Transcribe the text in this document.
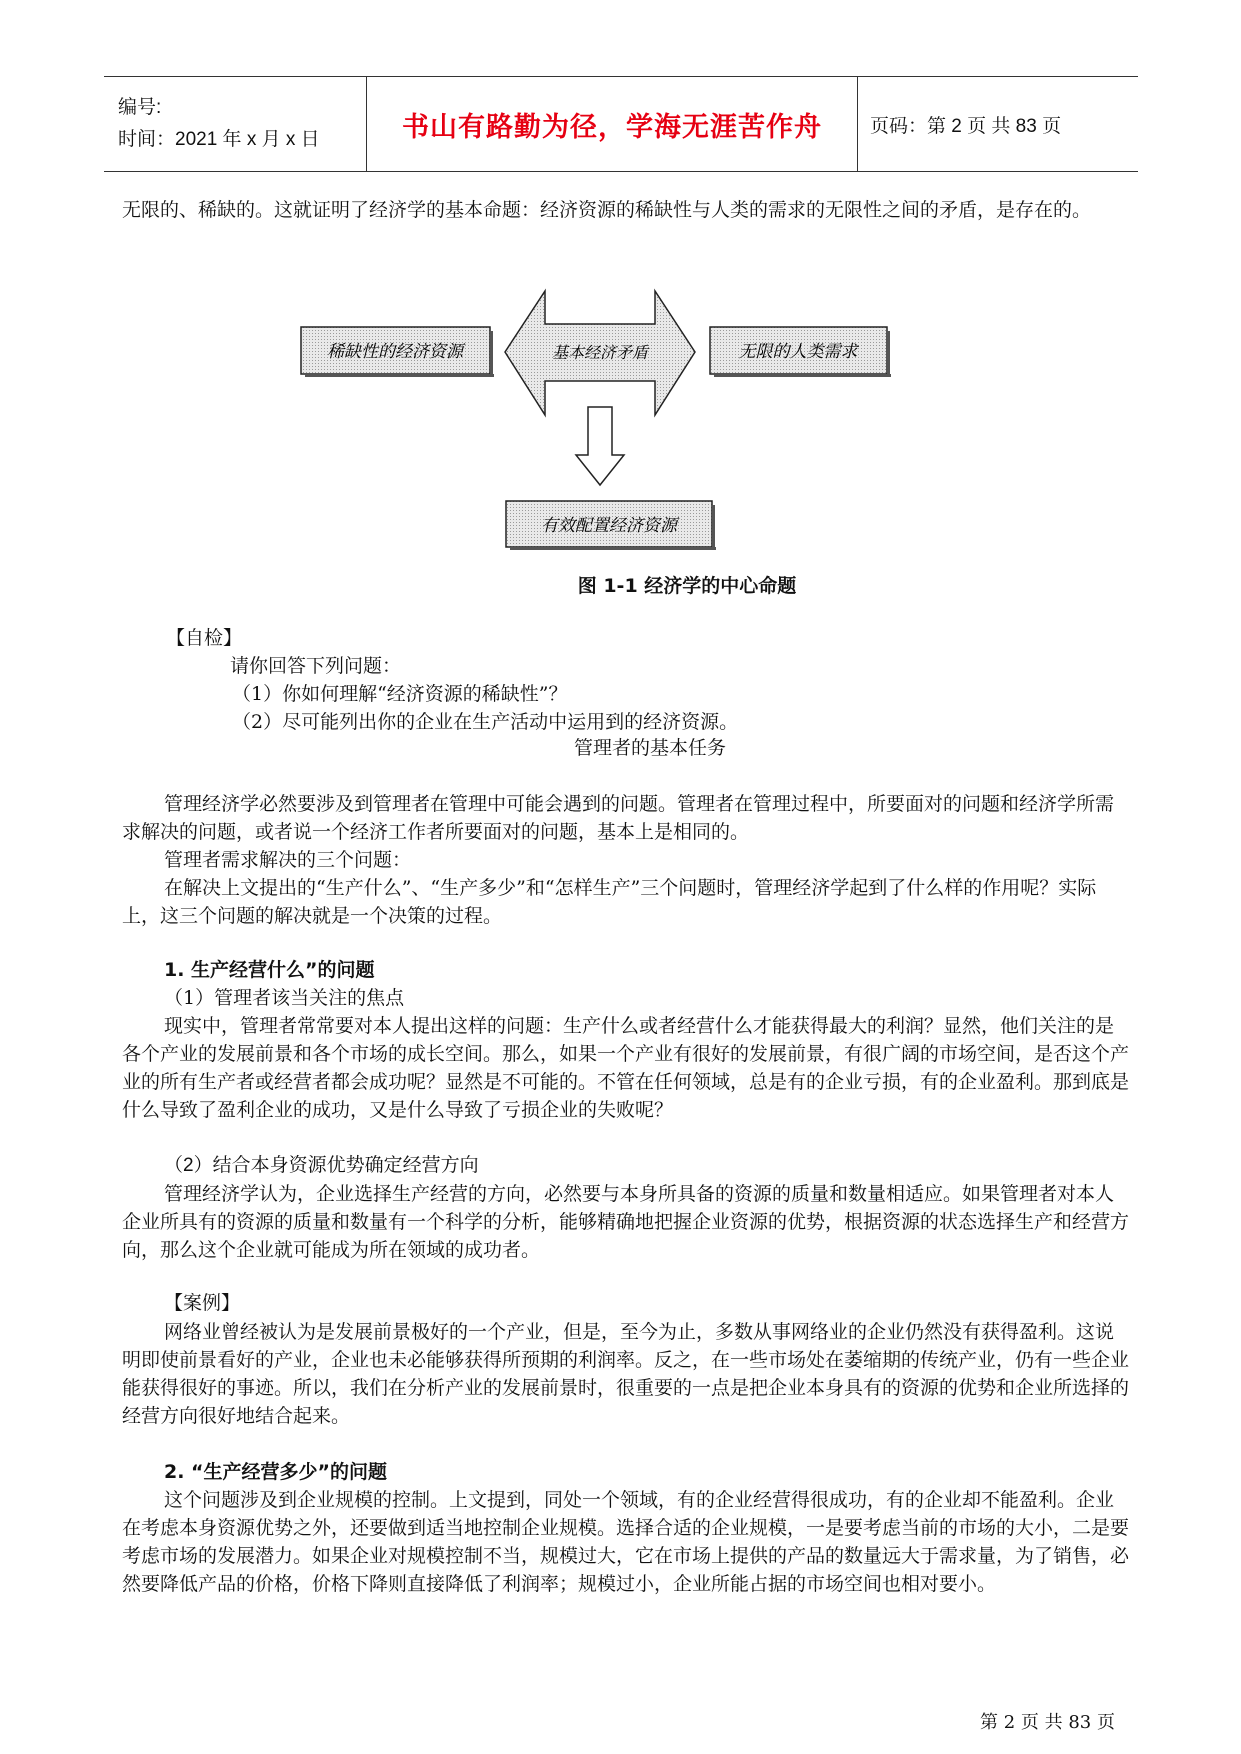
编号:
时间：2021 年 x 月 x 日	书山有路勤为径，学海无涯苦作舟	页码：第 2 页 共 83 页

无限的、稀缺的。这就证明了经济学的基本命题：经济资源的稀缺性与人类的需求的无限性之间的矛盾，是存在的。

稀缺性的经济资源	基本经济矛盾	无限的人类需求
有效配置经济资源

图 1-1 经济学的中心命题

【自检】

请你回答下列问题：

（1）你如何理解“经济资源的稀缺性”？

（2）尽可能列出你的企业在生产活动中运用到的经济资源。

管理者的基本任务

管理经济学必然要涉及到管理者在管理中可能会遇到的问题。管理者在管理过程中，所要面对的问题和经济学所需求解决的问题，或者说一个经济工作者所要面对的问题，基本上是相同的。

管理者需求解决的三个问题：

在解决上文提出的“生产什么”、“生产多少”和“怎样生产”三个问题时，管理经济学起到了什么样的作用呢？实际上，这三个问题的解决就是一个决策的过程。

1. 生产经营什么”的问题

（1）管理者该当关注的焦点

现实中，管理者常常要对本人提出这样的问题：生产什么或者经营什么才能获得最大的利润？显然，他们关注的是各个产业的发展前景和各个市场的成长空间。那么，如果一个产业有很好的发展前景，有很广阔的市场空间，是否这个产业的所有生产者或经营者都会成功呢？显然是不可能的。不管在任何领域，总是有的企业亏损，有的企业盈利。那到底是什么导致了盈利企业的成功，又是什么导致了亏损企业的失败呢？

（2）结合本身资源优势确定经营方向

管理经济学认为，企业选择生产经营的方向，必然要与本身所具备的资源的质量和数量相适应。如果管理者对本人企业所具有的资源的质量和数量有一个科学的分析，能够精确地把握企业资源的优势，根据资源的状态选择生产和经营方向，那么这个企业就可能成为所在领域的成功者。

【案例】

网络业曾经被认为是发展前景极好的一个产业，但是，至今为止，多数从事网络业的企业仍然没有获得盈利。这说明即使前景看好的产业，企业也未必能够获得所预期的利润率。反之，在一些市场处在萎缩期的传统产业，仍有一些企业能获得很好的事迹。所以，我们在分析产业的发展前景时，很重要的一点是把企业本身具有的资源的优势和企业所选择的经营方向很好地结合起来。

2. “生产经营多少”的问题

这个问题涉及到企业规模的控制。上文提到，同处一个领域，有的企业经营得很成功，有的企业却不能盈利。企业在考虑本身资源优势之外，还要做到适当地控制企业规模。选择合适的企业规模，一是要考虑当前的市场的大小，二是要考虑市场的发展潜力。如果企业对规模控制不当，规模过大，它在市场上提供的产品的数量远大于需求量，为了销售，必然要降低产品的价格，价格下降则直接降低了利润率；规模过小，企业所能占据的市场空间也相对要小。

第 2 页 共 83 页
